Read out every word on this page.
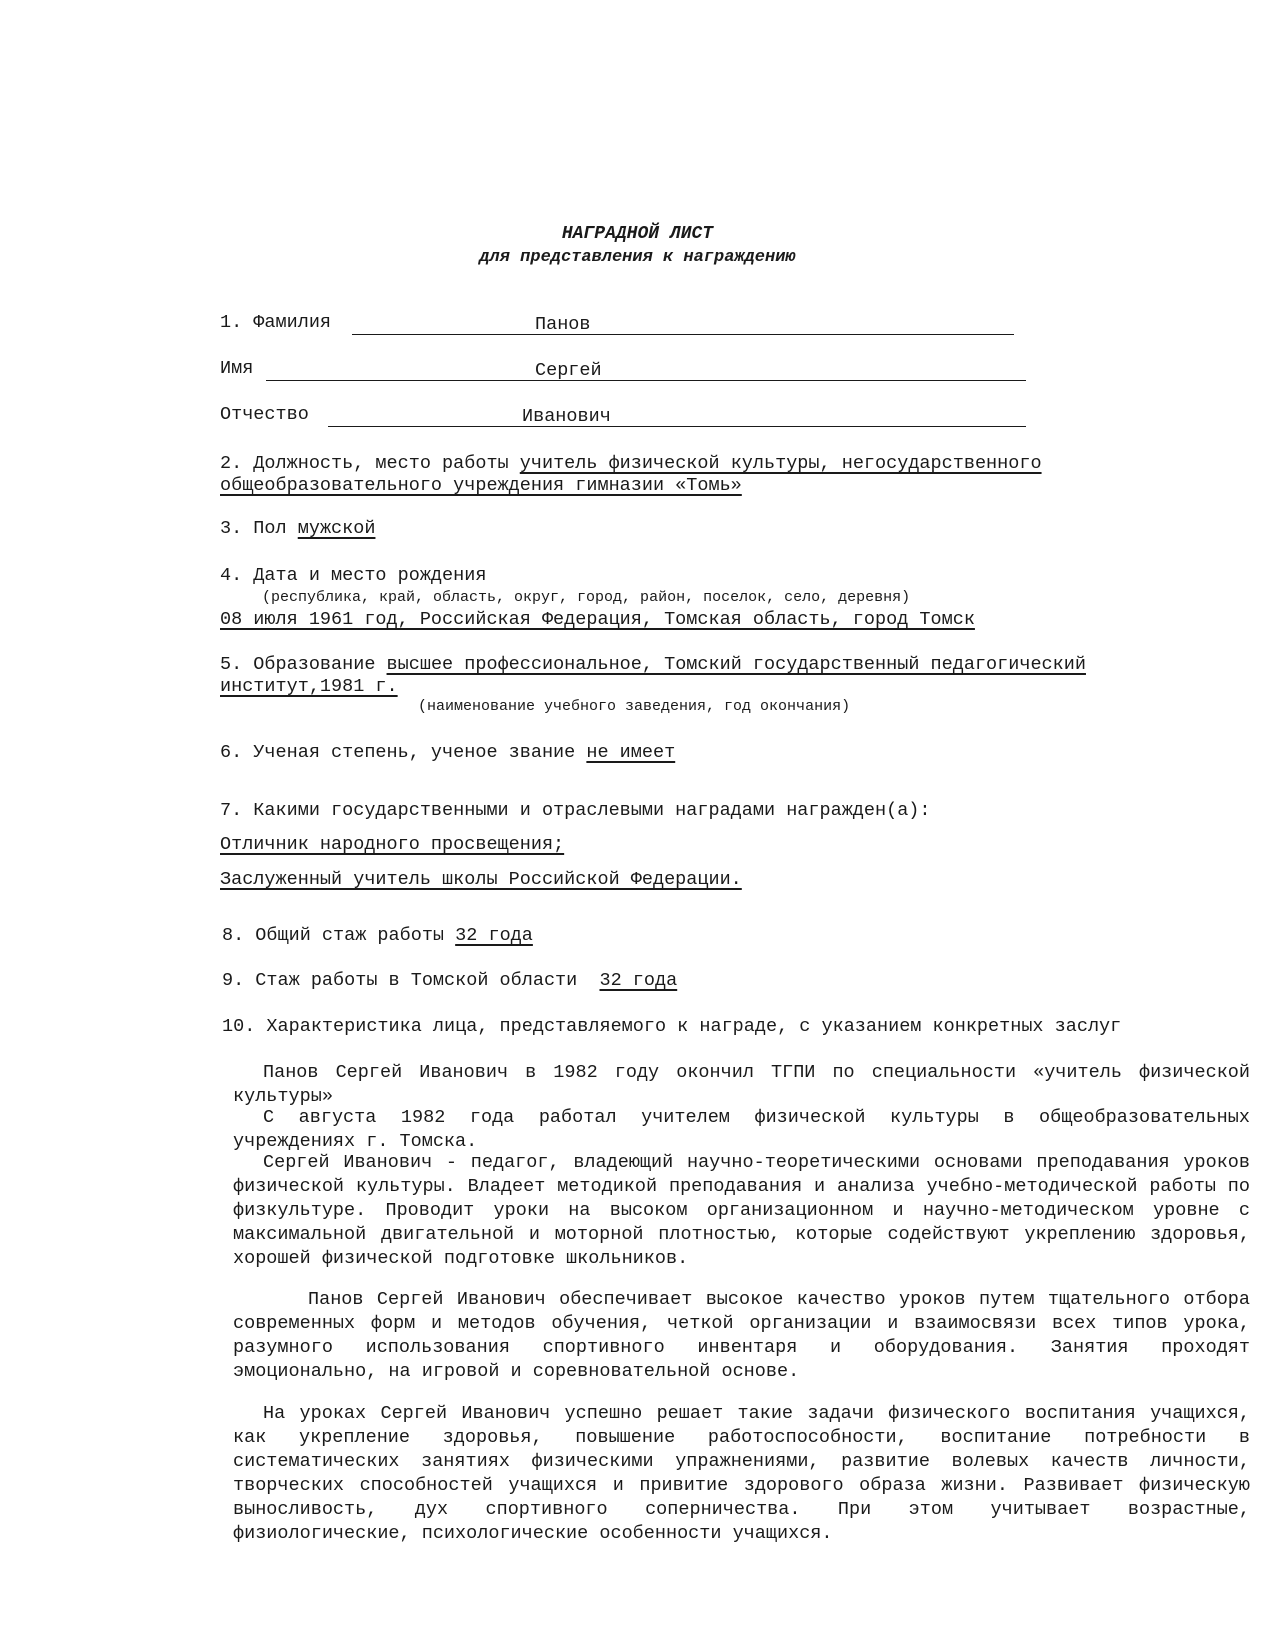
НАГРАДНОЙ ЛИСТ
для представления к награждению
1. Фамилия	Панов
Имя	Сергей
Отчество	Иванович
2. Должность, место работы учитель физической культуры, негосударственного
общеобразовательного учреждения гимназии «Томь»
3. Пол мужской
4. Дата и место рождения
(республика, край, область, округ, город, район, поселок, село, деревня)
08 июля 1961 год, Российская Федерация, Томская область, город Томск
5. Образование высшее профессиональное, Томский государственный педагогический
институт,1981 г.
(наименование учебного заведения, год окончания)
6. Ученая степень, ученое звание не имеет
7. Какими государственными и отраслевыми наградами награжден(а):
Отличник народного просвещения;
Заслуженный учитель школы Российской Федерации.
8. Общий стаж работы 32 года
9. Стаж работы в Томской области 32 года
10. Характеристика лица, представляемого к награде, с указанием конкретных заслуг
Панов Сергей Иванович в 1982 году окончил ТГПИ по специальности «учитель физической культуры»
С августа 1982 года работал учителем физической культуры в общеобразовательных учреждениях г. Томска.
Сергей Иванович - педагог, владеющий научно-теоретическими основами преподавания уроков физической культуры. Владеет методикой преподавания и анализа учебно-методической работы по физкультуре. Проводит уроки на высоком организационном и научно-методическом уровне с максимальной двигательной и моторной плотностью, которые содействуют укреплению здоровья, хорошей физической подготовке школьников.
Панов Сергей Иванович обеспечивает высокое качество уроков путем тщательного отбора современных форм и методов обучения, четкой организации и взаимосвязи всех типов урока, разумного использования спортивного инвентаря и оборудования. Занятия проходят эмоционально, на игровой и соревновательной основе.
На уроках Сергей Иванович успешно решает такие задачи физического воспитания учащихся, как укрепление здоровья, повышение работоспособности, воспитание потребности в систематических занятиях физическими упражнениями, развитие волевых качеств личности, творческих способностей учащихся и привитие здорового образа жизни. Развивает физическую выносливость, дух спортивного соперничества. При этом учитывает возрастные, физиологические, психологические особенности учащихся.
